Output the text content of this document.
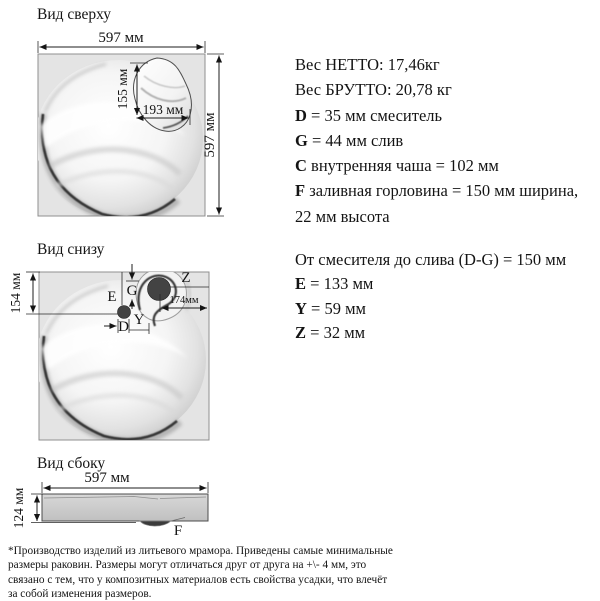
Вид сверху
Вид снизу
Вид сбоку
597 мм
597 мм
155 мм
193 мм
154 мм	E G
Z
174мм
D Y
597 мм
124 мм
F
Вес НЕТТО: 17,46кг
Вес БРУТТО: 20,78 кг
D = 35 мм смеситель
G = 44 мм слив
C внутренняя чаша = 102 мм
F заливная горловина = 150 мм ширина,
22 мм высота
От смесителя до слива (D-G) = 150 мм
E = 133 мм
Y = 59 мм
Z = 32 мм
*Производство изделий из литьевого мрамора. Приведены самые минимальные
размеры раковин. Размеры могут отличаться друг от друга на +\- 4 мм, это
связано с тем, что у композитных материалов есть свойства усадки, что влечёт
за собой изменения размеров.
